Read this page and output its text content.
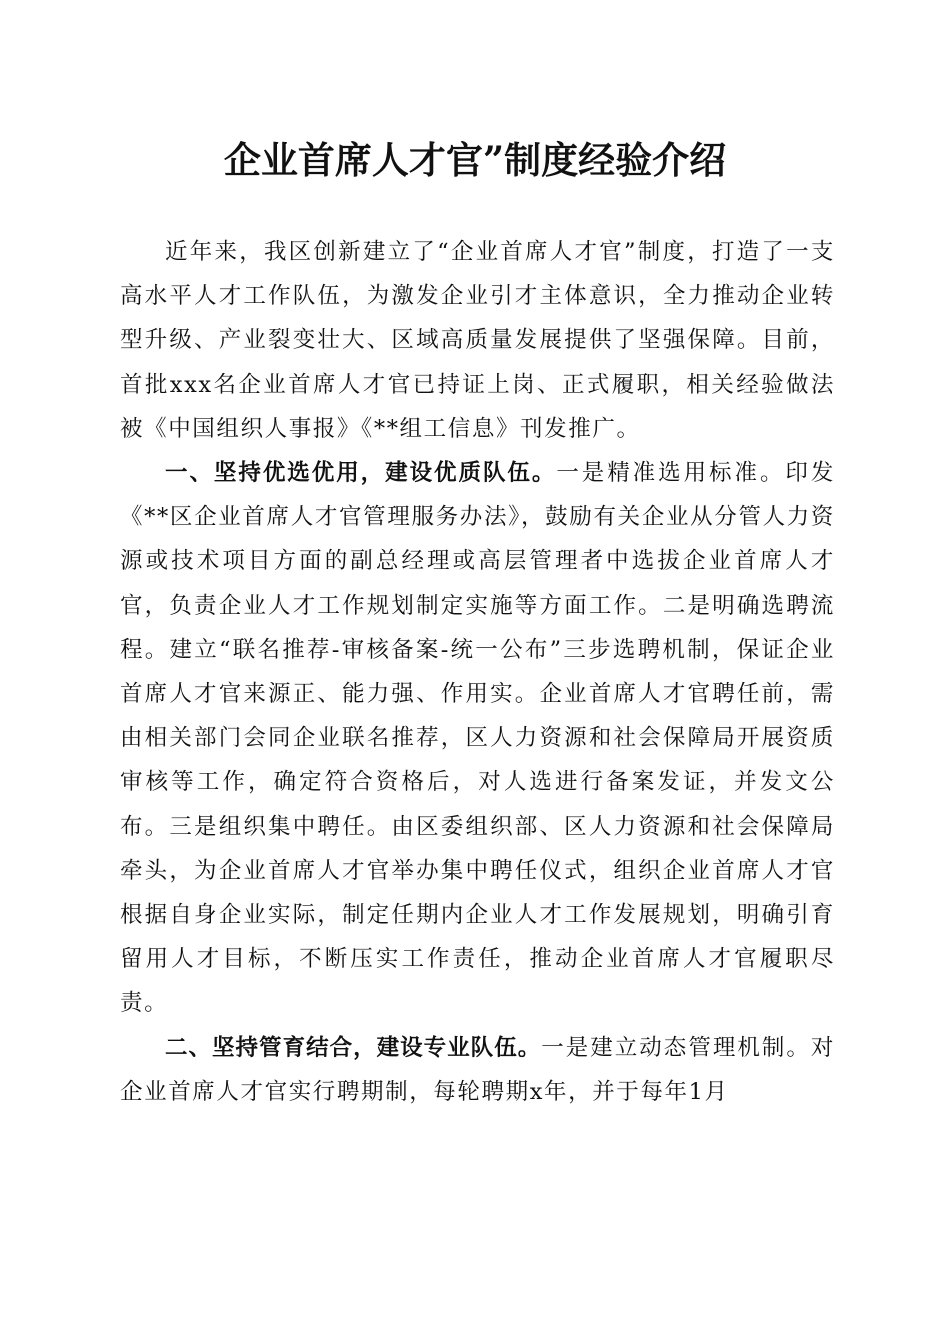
企业首席人才官”制度经验介绍

近年来，我区创新建立了“企业首席人才官”制度，打造了一支高水平人才工作队伍，为激发企业引才主体意识，全力推动企业转型升级、产业裂变壮大、区域高质量发展提供了坚强保障。目前，首批xxx名企业首席人才官已持证上岗、正式履职，相关经验做法被《中国组织人事报》《**组工信息》刊发推广。

一、坚持优选优用，建设优质队伍。一是精准选用标准。印发《**区企业首席人才官管理服务办法》，鼓励有关企业从分管人力资源或技术项目方面的副总经理或高层管理者中选拔企业首席人才官，负责企业人才工作规划制定实施等方面工作。二是明确选聘流程。建立“联名推荐-审核备案-统一公布”三步选聘机制，保证企业首席人才官来源正、能力强、作用实。企业首席人才官聘任前，需由相关部门会同企业联名推荐，区人力资源和社会保障局开展资质审核等工作，确定符合资格后，对人选进行备案发证，并发文公布。三是组织集中聘任。由区委组织部、区人力资源和社会保障局牵头，为企业首席人才官举办集中聘任仪式，组织企业首席人才官根据自身企业实际，制定任期内企业人才工作发展规划，明确引育留用人才目标，不断压实工作责任，推动企业首席人才官履职尽责。

二、坚持管育结合，建设专业队伍。一是建立动态管理机制。对企业首席人才官实行聘期制，每轮聘期x年，并于每年1月
